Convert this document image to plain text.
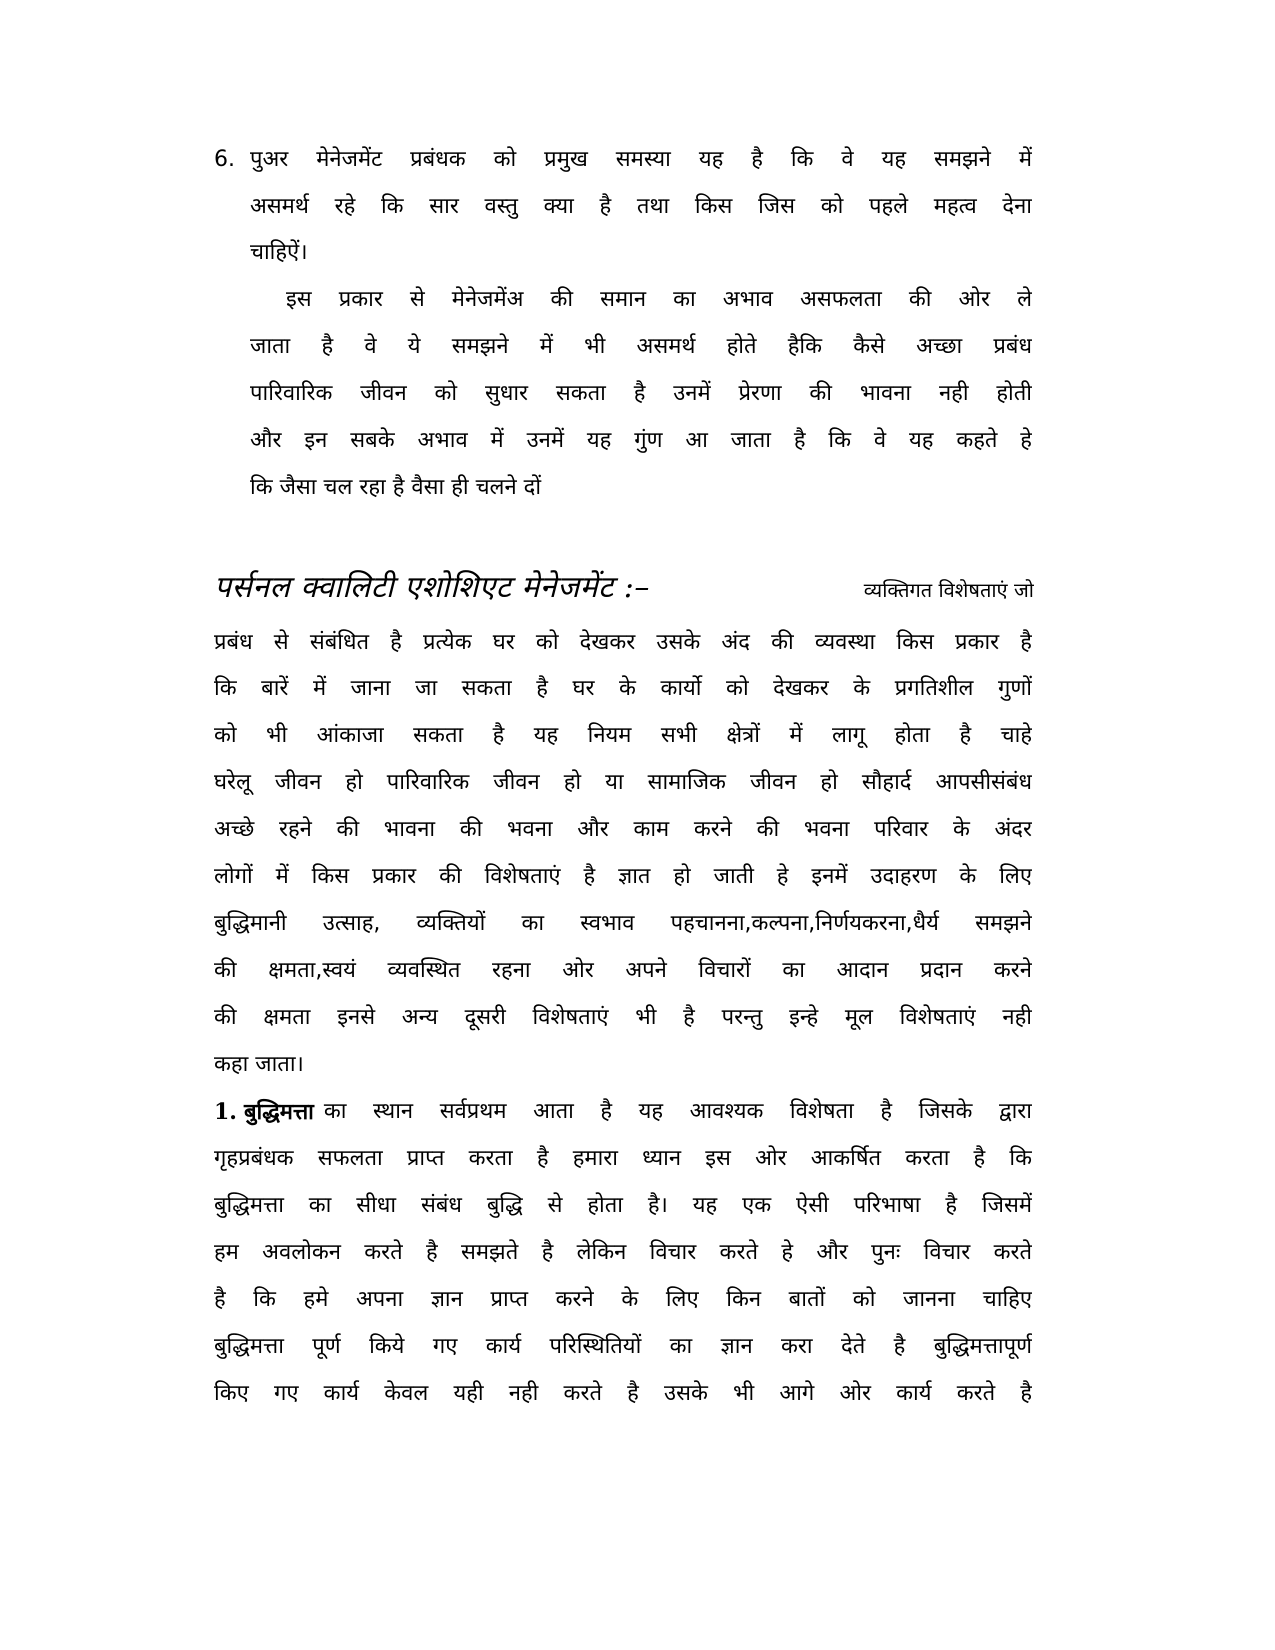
6. पुअर मेनेजमेंट प्रबंधक को प्रमुख समस्या यह है कि वे यह समझने में
असमर्थ रहे कि सार वस्तु क्या है तथा किस जिस को पहले महत्व देना
चाहिऐं।
इस प्रकार से मेनेजमेंअ की समान का अभाव असफलता की ओर ले
जाता है वे ये समझने में भी असमर्थ होते हैकि कैसे अच्छा प्रबंध
पारिवारिक जीवन को सुधार सकता है उनमें प्रेरणा की भावना नही होती
और इन सबके अभाव में उनमें यह गुंण आ जाता है कि वे यह कहते हे
कि जैसा चल रहा है वैसा ही चलने दों
पर्सनल क्वालिटी एशोशिएट मेनेजमेंट :–	व्यक्तिगत विशेषताएं जो
प्रबंध से संबंधित है प्रत्येक घर को देखकर उसके अंद की व्यवस्था किस प्रकार है
कि बारें में जाना जा सकता है घर के कार्यो को देखकर के प्रगतिशील गुणों
को भी आंकाजा सकता है यह नियम सभी क्षेत्रों में लागू होता है चाहे
घरेलू जीवन हो पारिवारिक जीवन हो या सामाजिक जीवन हो सौहार्द आपसीसंबंध
अच्छे रहने की भावना की भवना और काम करने की भवना परिवार के अंदर
लोगों में किस प्रकार की विशेषताएं है ज्ञात हो जाती हे इनमें उदाहरण के लिए
बुद्धिमानी उत्साह, व्यक्तियों का स्वभाव पहचानना,कल्पना,निर्णयकरना,धैर्य समझने
की क्षमता,स्वयं व्यवस्थित रहना ओर अपने विचारों का आदान प्रदान करने
की क्षमता इनसे अन्य दूसरी विशेषताएं भी है परन्तु इन्हे मूल विशेषताएं नही
कहा जाता।
1. बुद्धिमत्ता का स्थान सर्वप्रथम आता है यह आवश्यक विशेषता है जिसके द्वारा
गृहप्रबंधक सफलता प्राप्त करता है हमारा ध्यान इस ओर आकर्षित करता है कि
बुद्धिमत्ता का सीधा संबंध बुद्धि से होता है। यह एक ऐसी परिभाषा है जिसमें
हम अवलोकन करते है समझते है लेकिन विचार करते हे और पुनः विचार करते
है कि हमे अपना ज्ञान प्राप्त करने के लिए किन बातों को जानना चाहिए
बुद्धिमत्ता पूर्ण किये गए कार्य परिस्थितियों का ज्ञान करा देते है बुद्धिमत्तापूर्ण
किए गए कार्य केवल यही नही करते है उसके भी आगे ओर कार्य करते है
